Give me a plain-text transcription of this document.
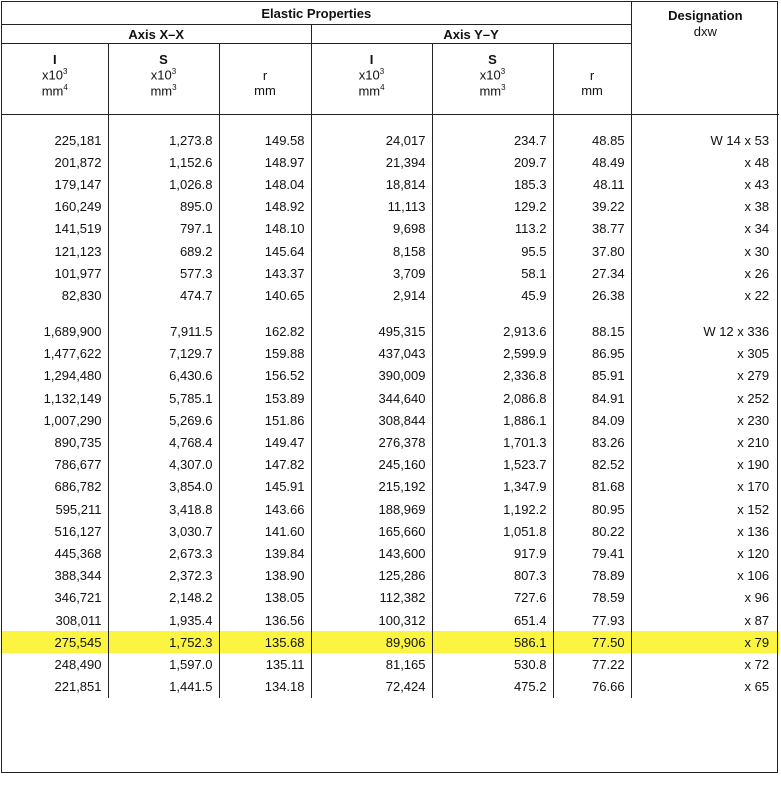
Elastic Properties						Designation
dxw

Axis X–X			Axis Y–Y			
I	S		I	S		
$x10^3$	$x10^3$	r	$x10^3$	$x10^3$	r	
$mm^4$	$mm^3$	mm	$mm^4$	$mm^3$	mm	

225,181	1,273.8	149.58	24,017	234.7	48.85	W 14 x 53
201,872	1,152.6	148.97	21,394	209.7	48.49	x 48
179,147	1,026.8	148.04	18,814	185.3	48.11	x 43
160,249	895.0	148.92	11,113	129.2	39.22	x 38
141,519	797.1	148.10	9,698	113.2	38.77	x 34
121,123	689.2	145.64	8,158	95.5	37.80	x 30
101,977	577.3	143.37	3,709	58.1	27.34	x 26
82,830	474.7	140.65	2,914	45.9	26.38	x 22

1,689,900	7,911.5	162.82	495,315	2,913.6	88.15	W 12 x 336
1,477,622	7,129.7	159.88	437,043	2,599.9	86.95	x 305
1,294,480	6,430.6	156.52	390,009	2,336.8	85.91	x 279
1,132,149	5,785.1	153.89	344,640	2,086.8	84.91	x 252
1,007,290	5,269.6	151.86	308,844	1,886.1	84.09	x 230
890,735	4,768.4	149.47	276,378	1,701.3	83.26	x 210
786,677	4,307.0	147.82	245,160	1,523.7	82.52	x 190
686,782	3,854.0	145.91	215,192	1,347.9	81.68	x 170
595,211	3,418.8	143.66	188,969	1,192.2	80.95	x 152
516,127	3,030.7	141.60	165,660	1,051.8	80.22	x 136
445,368	2,673.3	139.84	143,600	917.9	79.41	x 120
388,344	2,372.3	138.90	125,286	807.3	78.89	x 106
346,721	2,148.2	138.05	112,382	727.6	78.59	x 96
308,011	1,935.4	136.56	100,312	651.4	77.93	x 87
275,545	1,752.3	135.68	89,906	586.1	77.50	x 79
248,490	1,597.0	135.11	81,165	530.8	77.22	x 72
221,851	1,441.5	134.18	72,424	475.2	76.66	x 65
